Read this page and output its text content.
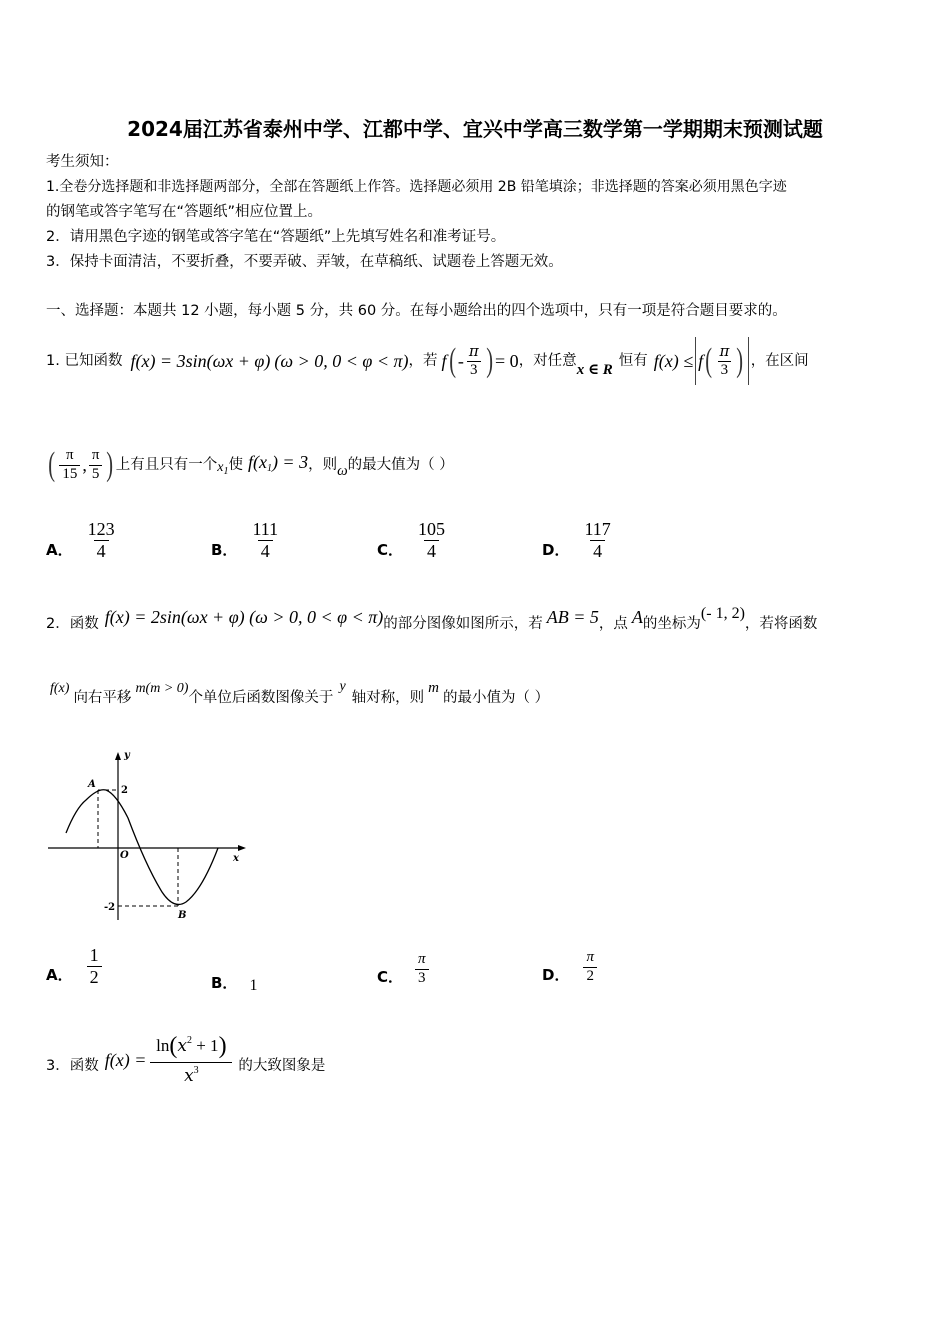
2024届江苏省泰州中学、江都中学、宜兴中学高三数学第一学期期末预测试题
考生须知：
1.全卷分选择题和非选择题两部分，全部在答题纸上作答。选择题必须用 2B 铅笔填涂；非选择题的答案必须用黑色字迹
的钢笔或答字笔写在“答题纸”相应位置上。
2．请用黑色字迹的钢笔或答字笔在“答题纸”上先填写姓名和准考证号。
3．保持卡面清洁，不要折叠，不要弄破、弄皱，在草稿纸、试题卷上答题无效。
一、选择题：本题共 12 小题，每小题 5 分，共 60 分。在每小题给出的四个选项中，只有一项是符合题目要求的。
1. 已知函数 f(x) = 3sin(ωx + φ) (ω > 0, 0 < φ < π) ，若 f ( - $\frac{\pi}{3}$ ) = 0 ，对任意
x ∈ R
恒有 f(x) ≤ f ( $\frac{\pi}{3}$ ) ，在区间
( $\frac{\pi}{15}$ , $\frac{\pi}{5}$ ) 上有且只有一个 $x_1$ 使 $f(x_1) = 3$ ，则 ω 的最大值为（ ）
A． $\frac{123}{4}$	B． $\frac{111}{4}$	C． $\frac{105}{4}$	D． $\frac{117}{4}$
2．函数 f(x) = 2sin(ωx + φ) (ω > 0, 0 < φ < π) 的部分图像如图所示，若 AB = 5 ，点 A 的坐标为
(- 1, 2)
，若将函数
f(x)
向右平移
m(m > 0)
个单位后函数图像关于
y
轴对称，则
m
的最小值为（ ）
y
x
O
A
B
2
-2
A． $\frac{1}{2}$	B． 1	C． $\frac{\pi}{3}$	D． $\frac{\pi}{2}$
3．函数 $f(x) = \frac{\ln(x^2 + 1)}{x^3}$ 的大致图象是
